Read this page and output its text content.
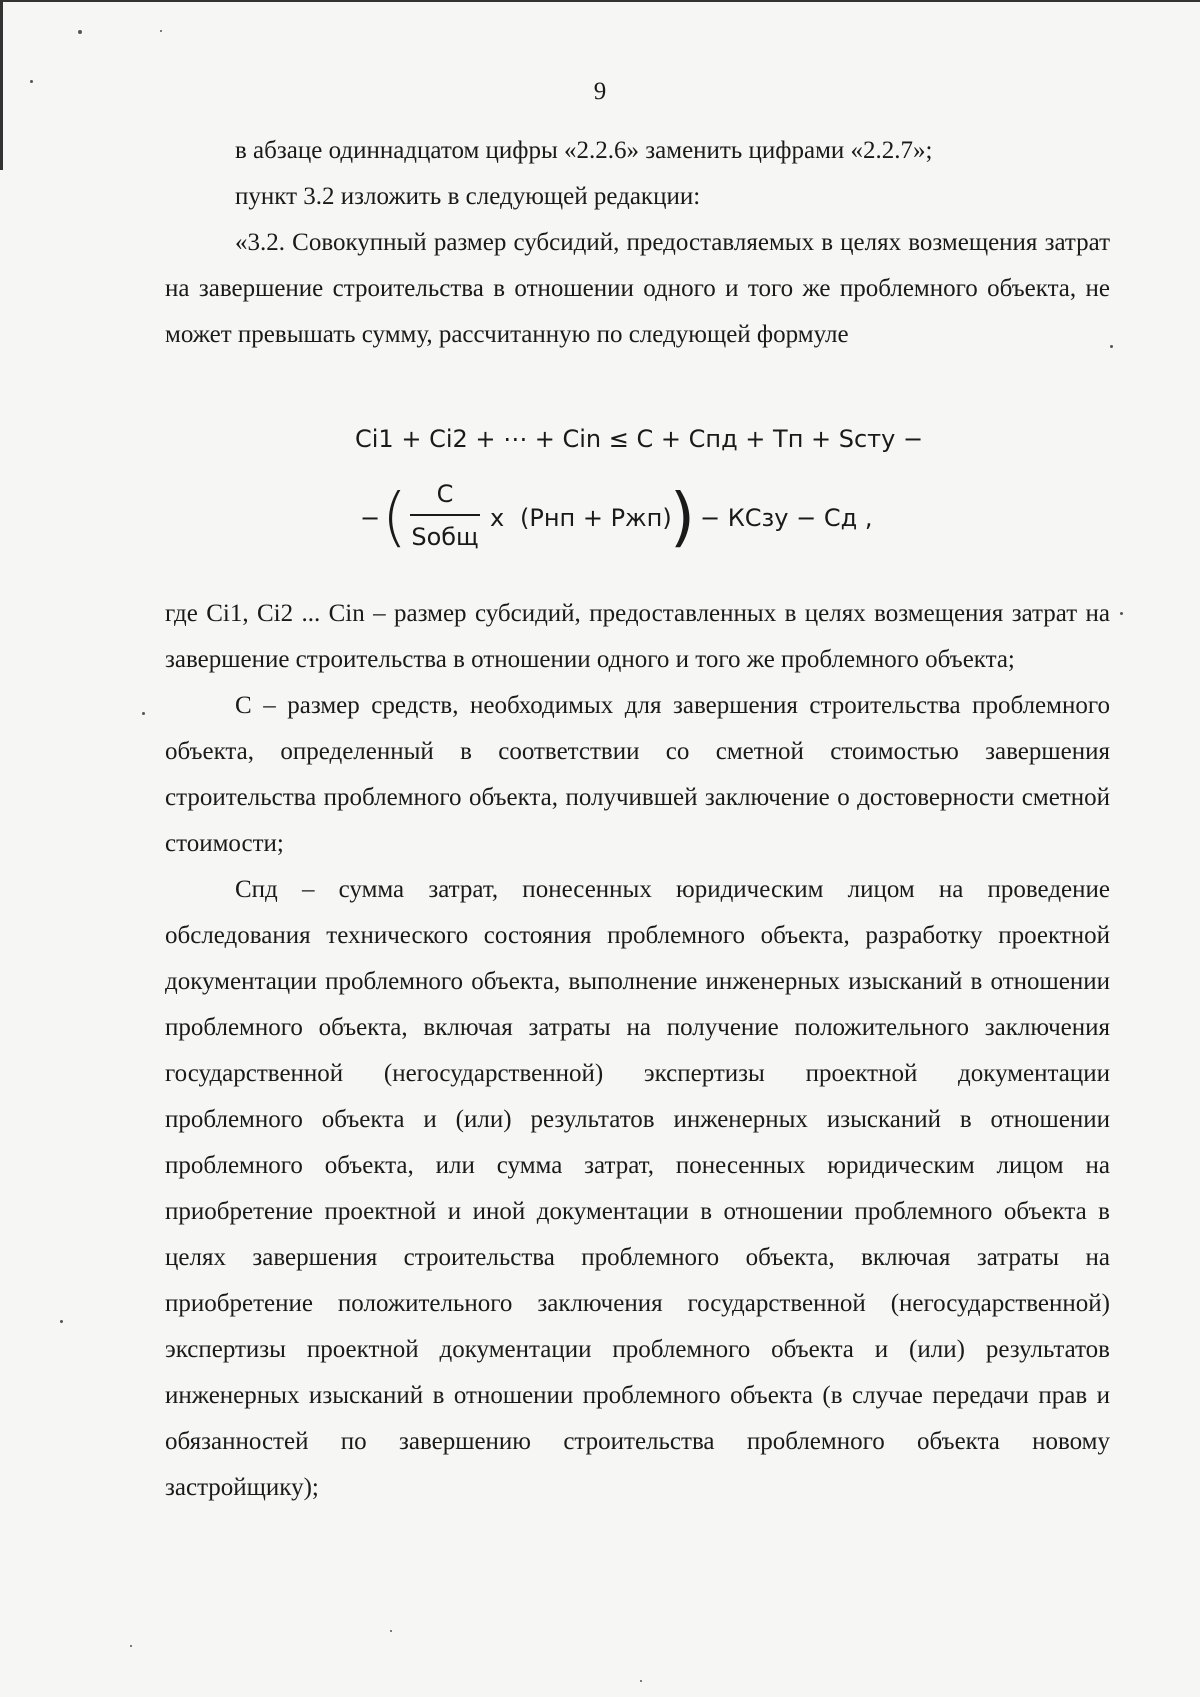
9

в абзаце одиннадцатом цифры «2.2.6» заменить цифрами «2.2.7»;

пункт 3.2 изложить в следующей редакции:

«3.2. Совокупный размер субсидий, предоставляемых в целях возмещения затрат на завершение строительства в отношении одного и того же проблемного объекта, не может превышать сумму, рассчитанную по следующей формуле

Ci1 + Ci2 + ⋯ + Cin ≤ C + Спд + Тп + Sсту −
− (	C
Sобщ
x (Рнп + Ржп)
) − КСзу − Сд ,

где Ci1, Ci2 ... Cin – размер субсидий, предоставленных в целях возмещения затрат на завершение строительства в отношении одного и того же проблемного объекта;

С – размер средств, необходимых для завершения строительства проблемного объекта, определенный в соответствии со сметной стоимостью завершения строительства проблемного объекта, получившей заключение о достоверности сметной стоимости;

Спд – сумма затрат, понесенных юридическим лицом на проведение обследования технического состояния проблемного объекта, разработку проектной документации проблемного объекта, выполнение инженерных изысканий в отношении проблемного объекта, включая затраты на получение положительного заключения государственной (негосударственной) экспертизы проектной документации проблемного объекта и (или) результатов инженерных изысканий в отношении проблемного объекта, или сумма затрат, понесенных юридическим лицом на приобретение проектной и иной документации в отношении проблемного объекта в целях завершения строительства проблемного объекта, включая затраты на приобретение положительного заключения государственной (негосударственной) экспертизы проектной документации проблемного объекта и (или) результатов инженерных изысканий в отношении проблемного объекта (в случае передачи прав и обязанностей по завершению строительства проблемного объекта новому застройщику);
